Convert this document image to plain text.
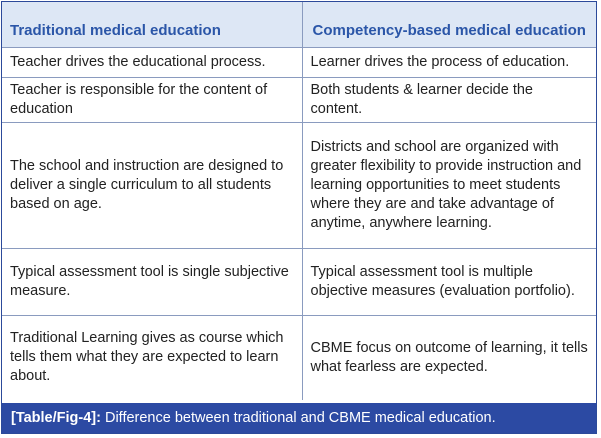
Traditional medical education	Competency-based medical education
Teacher drives the educational process.	Learner drives the process of education.
Teacher is responsible for the content of education	Both students & learner decide the content.
The school and instruction are designed to deliver a single curriculum to all students based on age.	Districts and school are organized with greater flexibility to provide instruction and learning opportunities to meet students where they are and take advantage of anytime, anywhere learning.
Typical assessment tool is single subjective measure.	Typical assessment tool is multiple objective measures (evaluation portfolio).
Traditional Learning gives as course which tells them what they are expected to learn about.	CBME focus on outcome of learning, it tells what fearless are expected.
[Table/Fig-4]: Difference between traditional and CBME medical education.
